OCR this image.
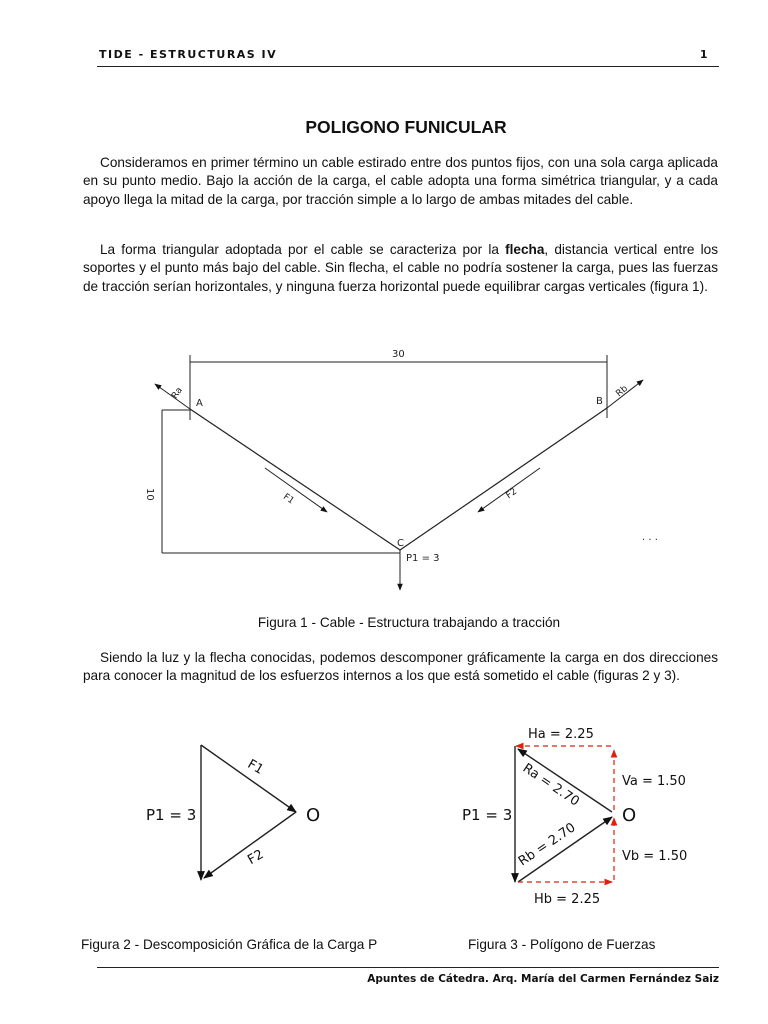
TIDE - ESTRUCTURAS IV	1
POLIGONO FUNICULAR

Consideramos en primer término un cable estirado entre dos puntos fijos, con una sola carga aplicada en su punto medio. Bajo la acción de la carga, el cable adopta una forma simétrica triangular, y a cada apoyo llega la mitad de la carga, por tracción simple a lo largo de ambas mitades del cable.

La forma triangular adoptada por el cable se caracteriza por la flecha, distancia vertical entre los soportes y el punto más bajo del cable. Sin flecha, el cable no podría sostener la carga, pues las fuerzas de tracción serían horizontales, y ninguna fuerza horizontal puede equilibrar cargas verticales (figura 1).

30
10
A	B
C
Ra	Rb
F1	F2
P1 = 3
. . .
Figura 1 - Cable - Estructura trabajando a tracción

Siendo la luz y la flecha conocidas, podemos descomponer gráficamente la carga en dos direcciones para conocer la magnitud de los esfuerzos internos a los que está sometido el cable (figuras 2 y 3).

P1 = 3	O
F1
F2
Ha = 2.25
Hb = 2.25
Va = 1.50
Vb = 1.50
Ra = 2.70
Rb = 2.70
P1 = 3	O
Figura 2 - Descomposición Gráfica de la Carga P	Figura 3 - Polígono de Fuerzas
Apuntes de Cátedra. Arq. María del Carmen Fernández Saiz
